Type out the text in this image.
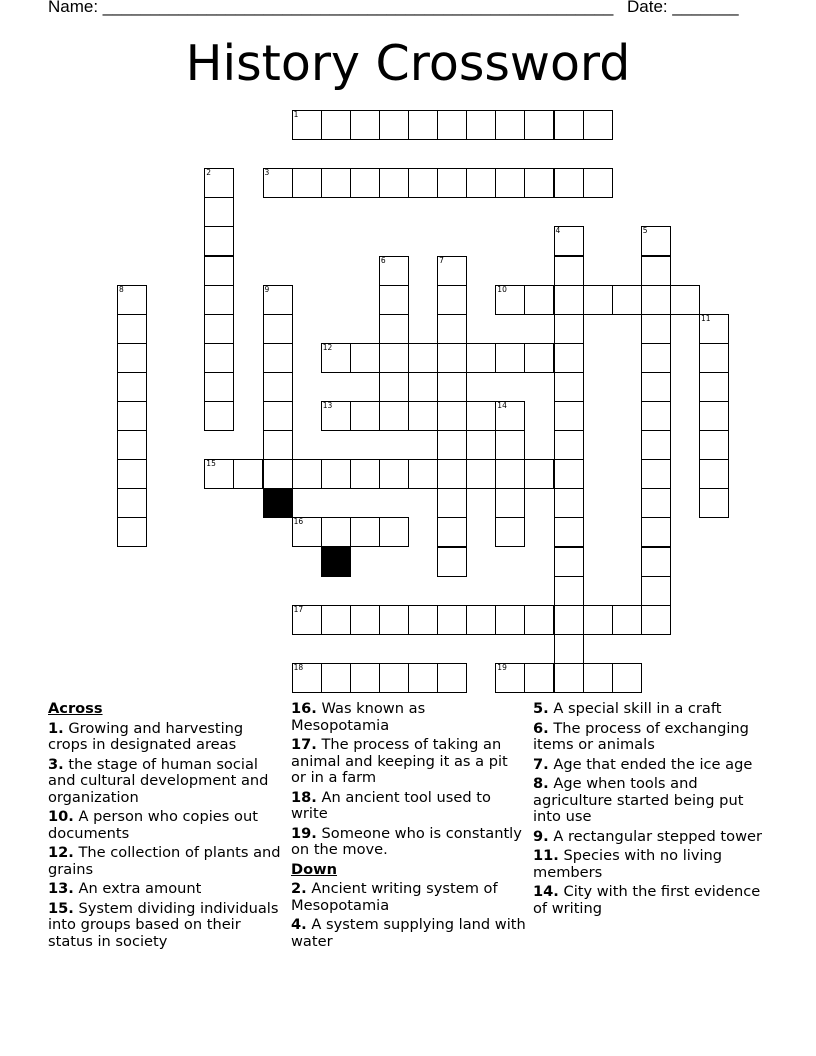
Name: ______________________________________________________ Date: _______
History Crossword
1
3
10
12
13	14
15
16
17
18	19
2
4	5
6	7
8	9
11
Across
1. Growing and harvesting crops in designated areas
3. the stage of human social and cultural development and organization
10. A person who copies out documents
12. The collection of plants and grains
13. An extra amount
15. System dividing individuals into groups based on their status in society
16. Was known as Mesopotamia
17. The process of taking an animal and keeping it as a pit or in a farm
18. An ancient tool used to write
19. Someone who is constantly on the move.
Down
2. Ancient writing system of Mesopotamia
4. A system supplying land with water
5. A special skill in a craft
6. The process of exchanging items or animals
7. Age that ended the ice age
8. Age when tools and agriculture started being put into use
9. A rectangular stepped tower
11. Species with no living members
14. City with the first evidence of writing
